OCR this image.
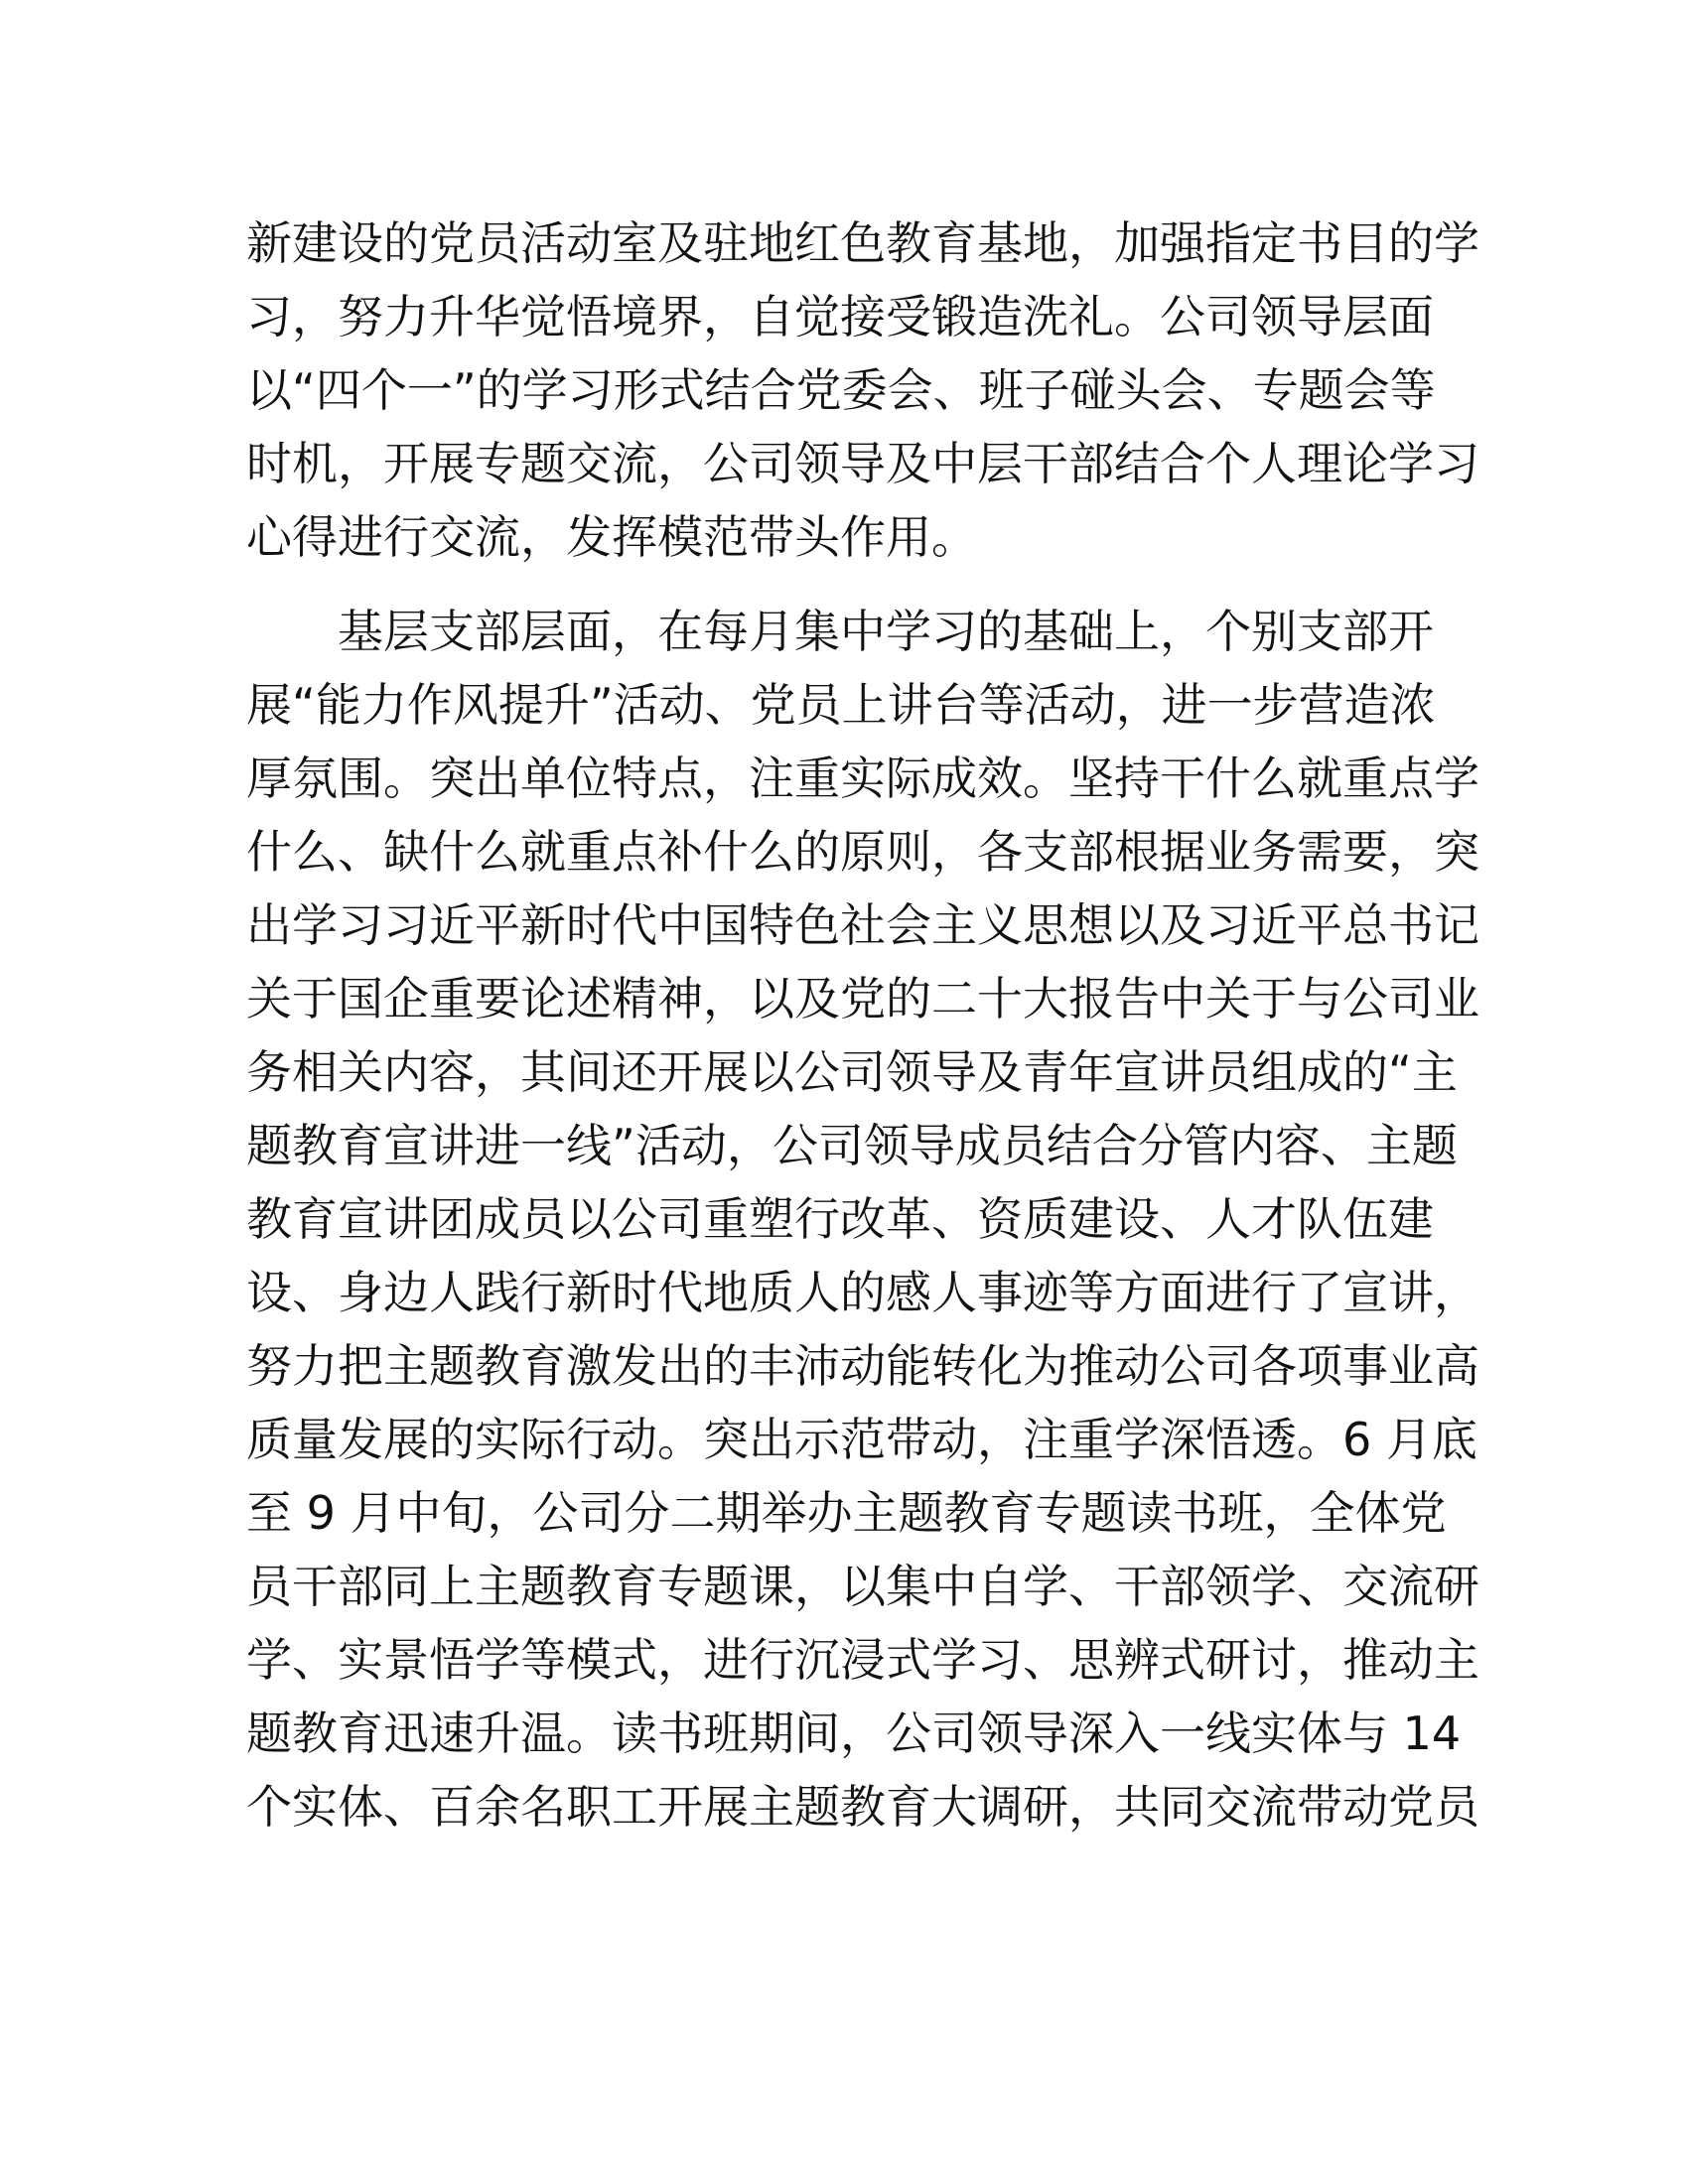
新建设的党员活动室及驻地红色教育基地，加强指定书目的学
习，努力升华觉悟境界，自觉接受锻造洗礼。公司领导层面
以“四个一”的学习形式结合党委会、班子碰头会、专题会等
时机，开展专题交流，公司领导及中层干部结合个人理论学习
心得进行交流，发挥模范带头作用。
　　基层支部层面，在每月集中学习的基础上，个别支部开
展“能力作风提升”活动、党员上讲台等活动，进一步营造浓
厚氛围。突出单位特点，注重实际成效。坚持干什么就重点学
什么、缺什么就重点补什么的原则，各支部根据业务需要，突
出学习习近平新时代中国特色社会主义思想以及习近平总书记
关于国企重要论述精神，以及党的二十大报告中关于与公司业
务相关内容，其间还开展以公司领导及青年宣讲员组成的“主
题教育宣讲进一线”活动，公司领导成员结合分管内容、主题
教育宣讲团成员以公司重塑行改革、资质建设、人才队伍建
设、身边人践行新时代地质人的感人事迹等方面进行了宣讲，
努力把主题教育激发出的丰沛动能转化为推动公司各项事业高
质量发展的实际行动。突出示范带动，注重学深悟透。6 月底
至 9 月中旬，公司分二期举办主题教育专题读书班，全体党
员干部同上主题教育专题课，以集中自学、干部领学、交流研
学、实景悟学等模式，进行沉浸式学习、思辨式研讨，推动主
题教育迅速升温。读书班期间，公司领导深入一线实体与 14
个实体、百余名职工开展主题教育大调研，共同交流带动党员
